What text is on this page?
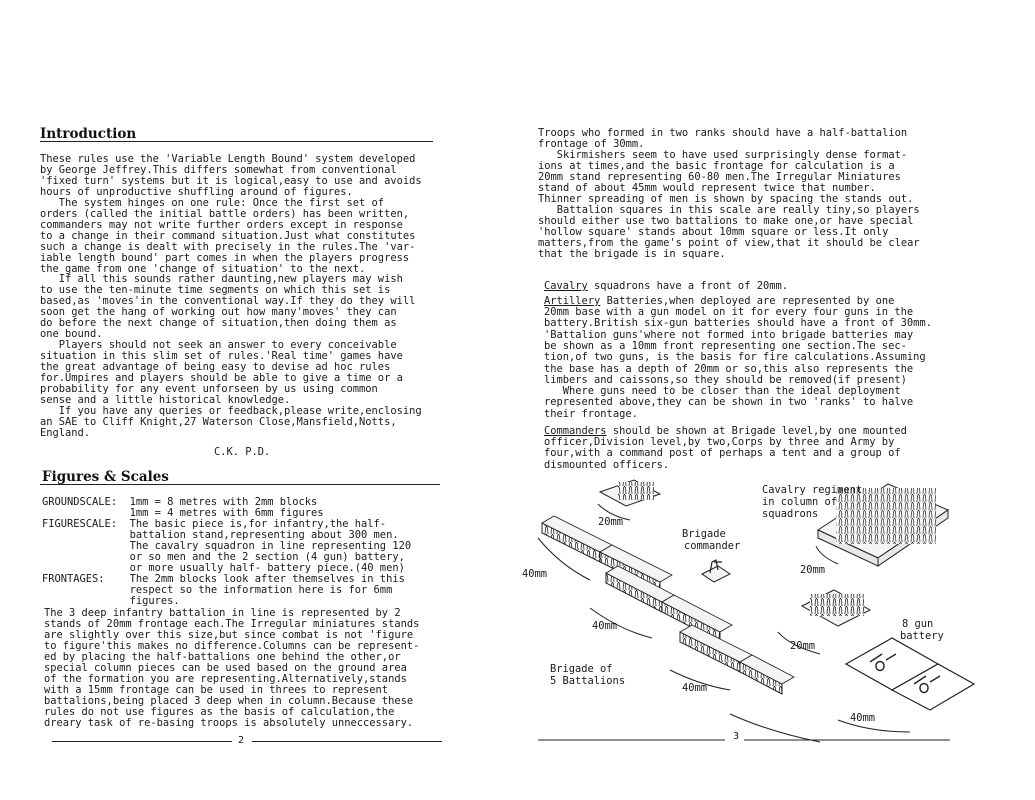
Introduction
These rules use the 'Variable Length Bound' system developed
by George Jeffrey.This differs somewhat from conventional
'fixed turn' systems but it is logical,easy to use and avoids
hours of unproductive shuffling around of figures.
The system hinges on one rule: Once the first set of
orders (called the initial battle orders) has been written,
commanders may not write further orders except in response
to a change in their command situation.Just what constitutes
such a change is dealt with precisely in the rules.The 'var-
iable length bound' part comes in when the players progress
the game from one 'change of situation' to the next.
If all this sounds rather daunting,new players may wish
to use the ten-minute time segments on which this set is
based,as 'moves'in the conventional way.If they do they will
soon get the hang of working out how many'moves' they can
do before the next change of situation,then doing them as
one bound.
Players should not seek an answer to every conceivable
situation in this slim set of rules.'Real time' games have
the great advantage of being easy to devise ad hoc rules
for.Umpires and players should be able to give a time or a
probability for any event unforseen by us using common
sense and a little historical knowledge.
If you have any queries or feedback,please write,enclosing
an SAE to Cliff Knight,27 Waterson Close,Mansfield,Notts,
England.
C.K. P.D.
Figures & Scales
GROUNDSCALE:  1mm = 8 metres with 2mm blocks
1mm = 4 metres with 6mm figures
FIGURESCALE:  The basic piece is,for infantry,the half-
battalion stand,representing about 300 men.
The cavalry squadron in line representing 120
or so men and the 2 section (4 gun) battery,
or more usually half- battery piece.(40 men)
FRONTAGES:    The 2mm blocks look after themselves in this
respect so the information here is for 6mm
figures.
The 3 deep infantry battalion in line is represented by 2
stands of 20mm frontage each.The Irregular miniatures stands
are slightly over this size,but since combat is not 'figure
to figure'this makes no difference.Columns can be represent-
ed by placing the half-battalions one behind the other,or
special column pieces can be used based on the ground area
of the formation you are representing.Alternatively,stands
with a 15mm frontage can be used in threes to represent
battalions,being placed 3 deep when in column.Because these
rules do not use figures as the basis of calculation,the
dreary task of re-basing troops is absolutely unneccessary.
2
Troops who formed in two ranks should have a half-battalion
frontage of 30mm.
Skirmishers seem to have used surprisingly dense format-
ions at times,and the basic frontage for calculation is a
20mm stand representing 60-80 men.The Irregular Miniatures
stand of about 45mm would represent twice that number.
Thinner spreading of men is shown by spacing the stands out.
Battalion squares in this scale are really tiny,so players
should either use two battalions to make one,or have special
'hollow square' stands about 10mm square or less.It only
matters,from the game's point of view,that it should be clear
that the brigade is in square.
Cavalry squadrons have a front of 20mm.
Artillery Batteries,when deployed are represented by one
20mm base with a gun model on it for every four guns in the
battery.British six-gun batteries should have a front of 30mm.
'Battalion guns'where not formed into brigade batteries may
be shown as a 10mm front representing one section.The sec-
tion,of two guns, is the basis for fire calculations.Assuming
the base has a depth of 20mm or so,this also represents the
limbers and caissons,so they should be removed(if present)
Where guns need to be closer than the ideal deployment
represented above,they can be shown in two 'ranks' to halve
their frontage.
Commanders should be shown at Brigade level,by one mounted
officer,Division level,by two,Corps by three and Army by
four,with a command post of perhaps a tent and a group of
dismounted officers.
Brigade
commander
Cavalry regiment
in column of
squadrons
Brigade of
5 Battalions
8 gun
battery
20mm
20mm
20mm
40mm
40mm
40mm
40mm
3
